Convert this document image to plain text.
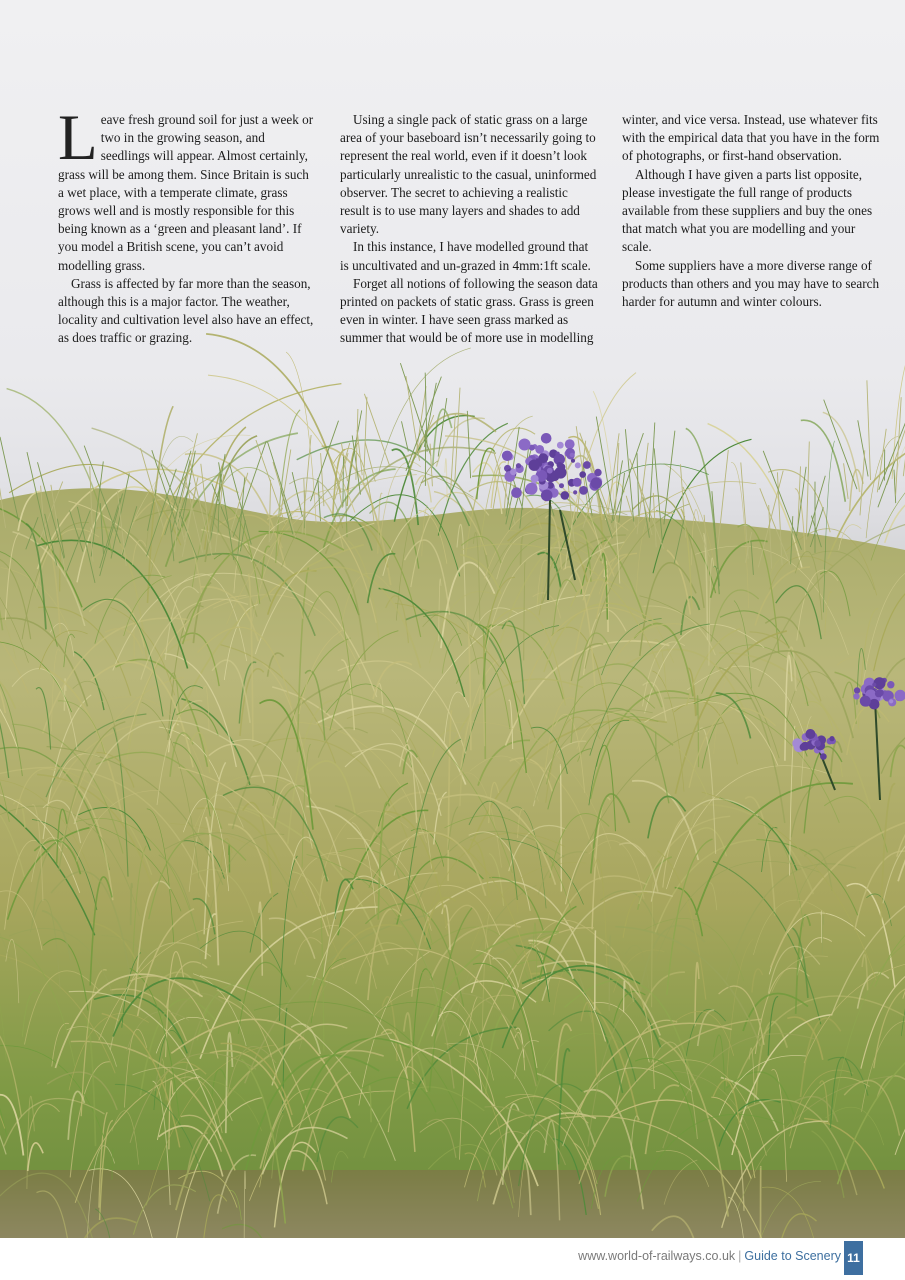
Leave fresh ground soil for just a week or two in the growing season, and seedlings will appear. Almost certainly, grass will be among them. Since Britain is such a wet place, with a temperate climate, grass grows well and is mostly responsible for this being known as a ‘green and pleasant land’. If you model a British scene, you can’t avoid modelling grass.

Grass is affected by far more than the season, although this is a major factor. The weather, locality and cultivation level also have an effect, as does traffic or grazing.

Using a single pack of static grass on a large area of your baseboard isn’t necessarily going to represent the real world, even if it doesn’t look particularly unrealistic to the casual, uninformed observer. The secret to achieving a realistic result is to use many layers and shades to add variety.

In this instance, I have modelled ground that is uncultivated and un-grazed in 4mm:1ft scale.

Forget all notions of following the season data printed on packets of static grass. Grass is green even in winter. I have seen grass marked as summer that would be of more use in modelling winter, and vice versa. Instead, use whatever fits with the empirical data that you have in the form of photographs, or first-hand observation.

Although I have given a parts list opposite, please investigate the full range of products available from these suppliers and buy the ones that match what you are modelling and your scale.

Some suppliers have a more diverse range of products than others and you may have to search harder for autumn and winter colours.

www.world-of-railways.co.uk | Guide to Scenery 11
